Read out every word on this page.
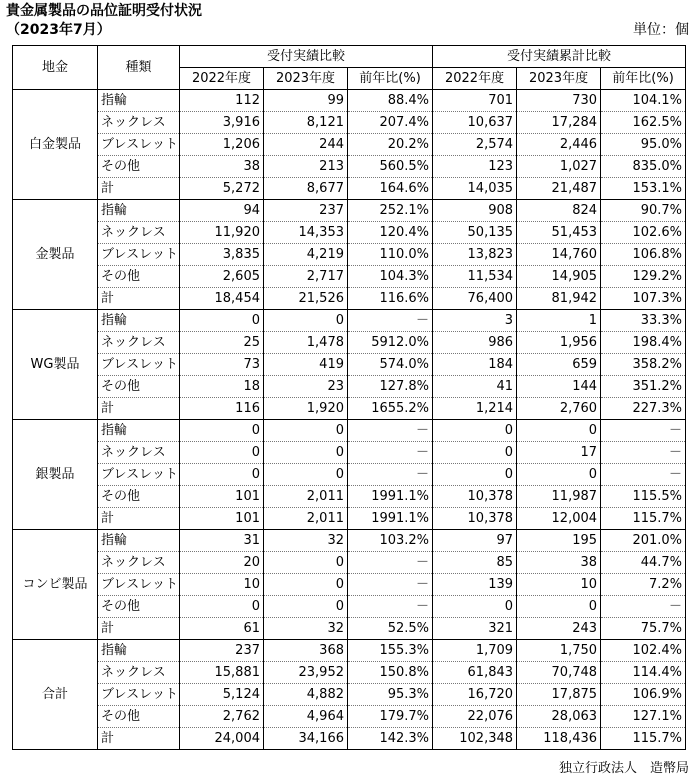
貴金属製品の品位証明受付状況
（2023年7月）	単位：個
地金	種類	受付実績比較			受付実績累計比較		
		2022年度	2023年度	前年比(%)	2022年度	2023年度	前年比(%)
白金製品	指輪	112	99	88.4%	701	730	104.1%
	ネックレス	3,916	8,121	207.4%	10,637	17,284	162.5%
	ブレスレット	1,206	244	20.2%	2,574	2,446	95.0%
	その他	38	213	560.5%	123	1,027	835.0%
	計	5,272	8,677	164.6%	14,035	21,487	153.1%
金製品	指輪	94	237	252.1%	908	824	90.7%
	ネックレス	11,920	14,353	120.4%	50,135	51,453	102.6%
	ブレスレット	3,835	4,219	110.0%	13,823	14,760	106.8%
	その他	2,605	2,717	104.3%	11,534	14,905	129.2%
	計	18,454	21,526	116.6%	76,400	81,942	107.3%
WG製品	指輪	0	0	－	3	1	33.3%
	ネックレス	25	1,478	5912.0%	986	1,956	198.4%
	ブレスレット	73	419	574.0%	184	659	358.2%
	その他	18	23	127.8%	41	144	351.2%
	計	116	1,920	1655.2%	1,214	2,760	227.3%
銀製品	指輪	0	0	－	0	0	－
	ネックレス	0	0	－	0	17	－
	ブレスレット	0	0	－	0	0	－
	その他	101	2,011	1991.1%	10,378	11,987	115.5%
	計	101	2,011	1991.1%	10,378	12,004	115.7%
コンビ製品	指輪	31	32	103.2%	97	195	201.0%
	ネックレス	20	0	－	85	38	44.7%
	ブレスレット	10	0	－	139	10	7.2%
	その他	0	0	－	0	0	－
	計	61	32	52.5%	321	243	75.7%
合計	指輪	237	368	155.3%	1,709	1,750	102.4%
	ネックレス	15,881	23,952	150.8%	61,843	70,748	114.4%
	ブレスレット	5,124	4,882	95.3%	16,720	17,875	106.9%
	その他	2,762	4,964	179.7%	22,076	28,063	127.1%
	計	24,004	34,166	142.3%	102,348	118,436	115.7%
独立行政法人　造幣局
